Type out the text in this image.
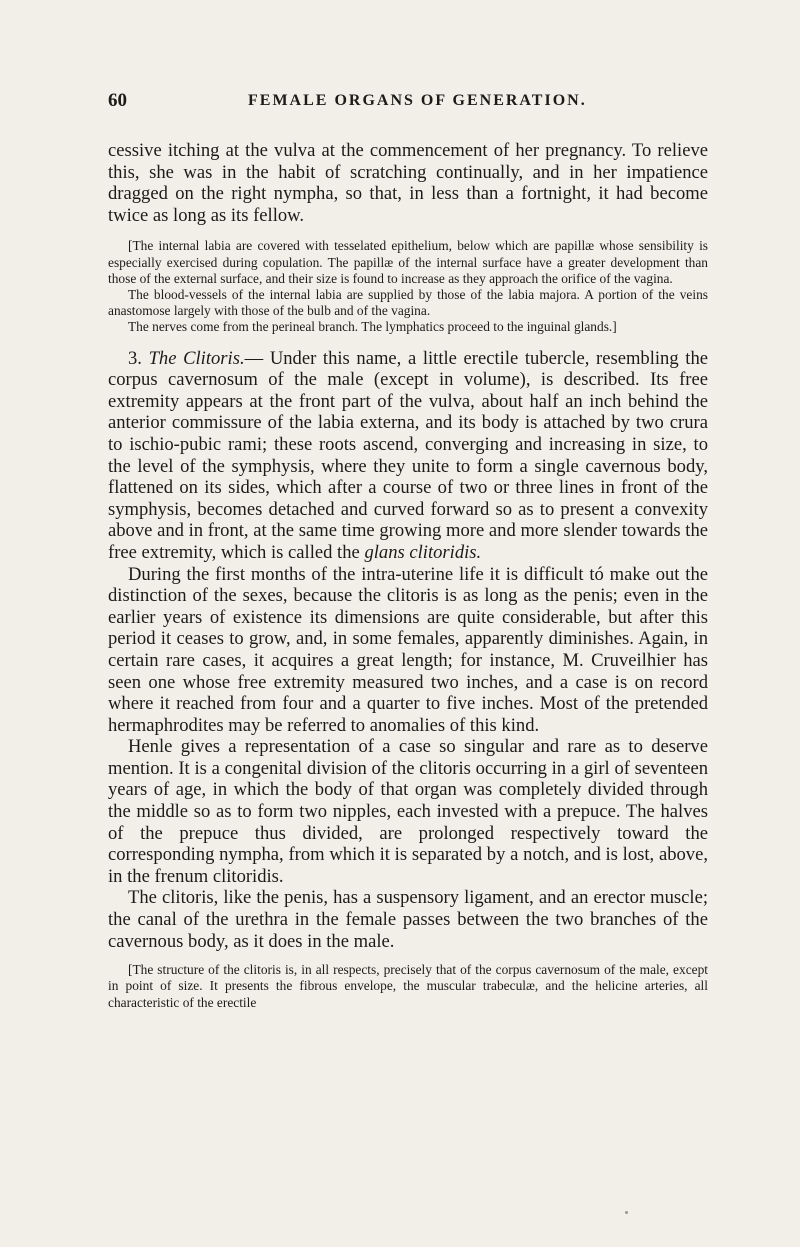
60	FEMALE ORGANS OF GENERATION.

cessive itching at the vulva at the commencement of her pregnancy. To relieve this, she was in the habit of scratching continually, and in her impatience dragged on the right nympha, so that, in less than a fortnight, it had become twice as long as its fellow.

[The internal labia are covered with tesselated epithelium, below which are papillæ whose sensibility is especially exercised during copulation. The papillæ of the internal surface have a greater development than those of the external surface, and their size is found to increase as they approach the orifice of the vagina.

The blood-vessels of the internal labia are supplied by those of the labia majora. A portion of the veins anastomose largely with those of the bulb and of the vagina.

The nerves come from the perineal branch. The lymphatics proceed to the inguinal glands.]

3. The Clitoris.— Under this name, a little erectile tubercle, resembling the corpus cavernosum of the male (except in volume), is described. Its free extremity appears at the front part of the vulva, about half an inch behind the anterior commissure of the labia externa, and its body is attached by two crura to ischio-pubic rami; these roots ascend, converging and increasing in size, to the level of the symphysis, where they unite to form a single cavernous body, flattened on its sides, which after a course of two or three lines in front of the symphysis, becomes detached and curved forward so as to present a convexity above and in front, at the same time growing more and more slender towards the free extremity, which is called the glans clitoridis.

During the first months of the intra-uterine life it is difficult tó make out the distinction of the sexes, because the clitoris is as long as the penis; even in the earlier years of existence its dimensions are quite considerable, but after this period it ceases to grow, and, in some females, apparently diminishes. Again, in certain rare cases, it acquires a great length; for instance, M. Cruveilhier has seen one whose free extremity measured two inches, and a case is on record where it reached from four and a quarter to five inches. Most of the pretended hermaphrodites may be referred to anomalies of this kind.

Henle gives a representation of a case so singular and rare as to deserve mention. It is a congenital division of the clitoris occurring in a girl of seventeen years of age, in which the body of that organ was completely divided through the middle so as to form two nipples, each invested with a prepuce. The halves of the prepuce thus divided, are prolonged respectively toward the corresponding nympha, from which it is separated by a notch, and is lost, above, in the frenum clitoridis.

The clitoris, like the penis, has a suspensory ligament, and an erector muscle; the canal of the urethra in the female passes between the two branches of the cavernous body, as it does in the male.

[The structure of the clitoris is, in all respects, precisely that of the corpus cavernosum of the male, except in point of size. It presents the fibrous envelope, the muscular trabeculæ, and the helicine arteries, all characteristic of the erectile
